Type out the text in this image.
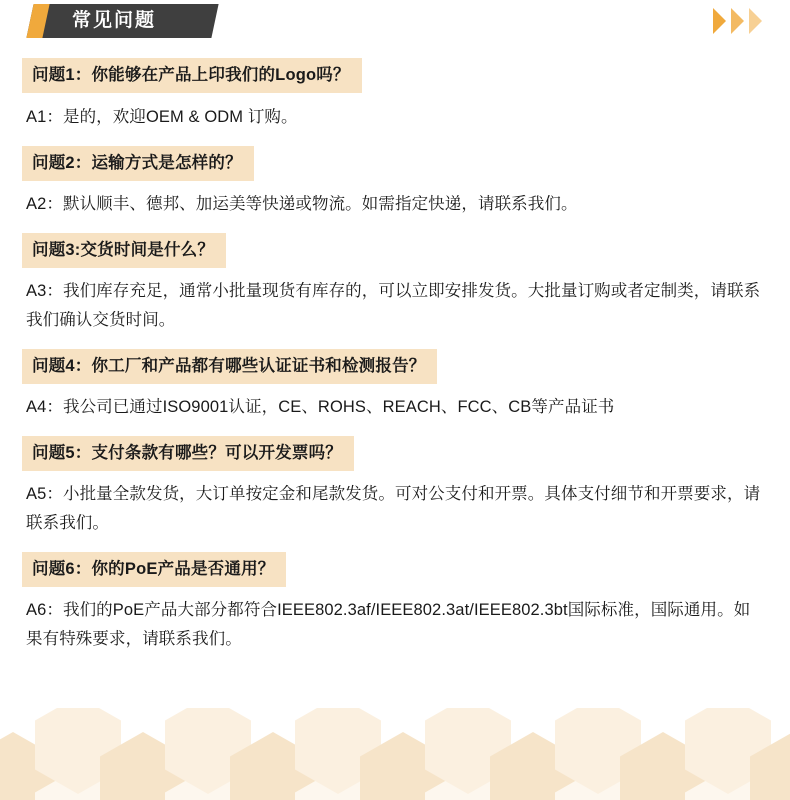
常见问题
问题1：你能够在产品上印我们的Logo吗？
A1：是的，欢迎OEM & ODM 订购。
问题2：运输方式是怎样的？
A2：默认顺丰、德邦、加运美等快递或物流。如需指定快递，请联系我们。
问题3:交货时间是什么？
A3：我们库存充足，通常小批量现货有库存的，可以立即安排发货。大批量订购或者定制类，请联系我们确认交货时间。
问题4：你工厂和产品都有哪些认证证书和检测报告？
A4：我公司已通过ISO9001认证，CE、ROHS、REACH、FCC、CB等产品证书
问题5：支付条款有哪些？可以开发票吗？
A5：小批量全款发货，大订单按定金和尾款发货。可对公支付和开票。具体支付细节和开票要求，请联系我们。
问题6：你的PoE产品是否通用？
A6：我们的PoE产品大部分都符合IEEE802.3af/IEEE802.3at/IEEE802.3bt国际标准，国际通用。如果有特殊要求，请联系我们。
